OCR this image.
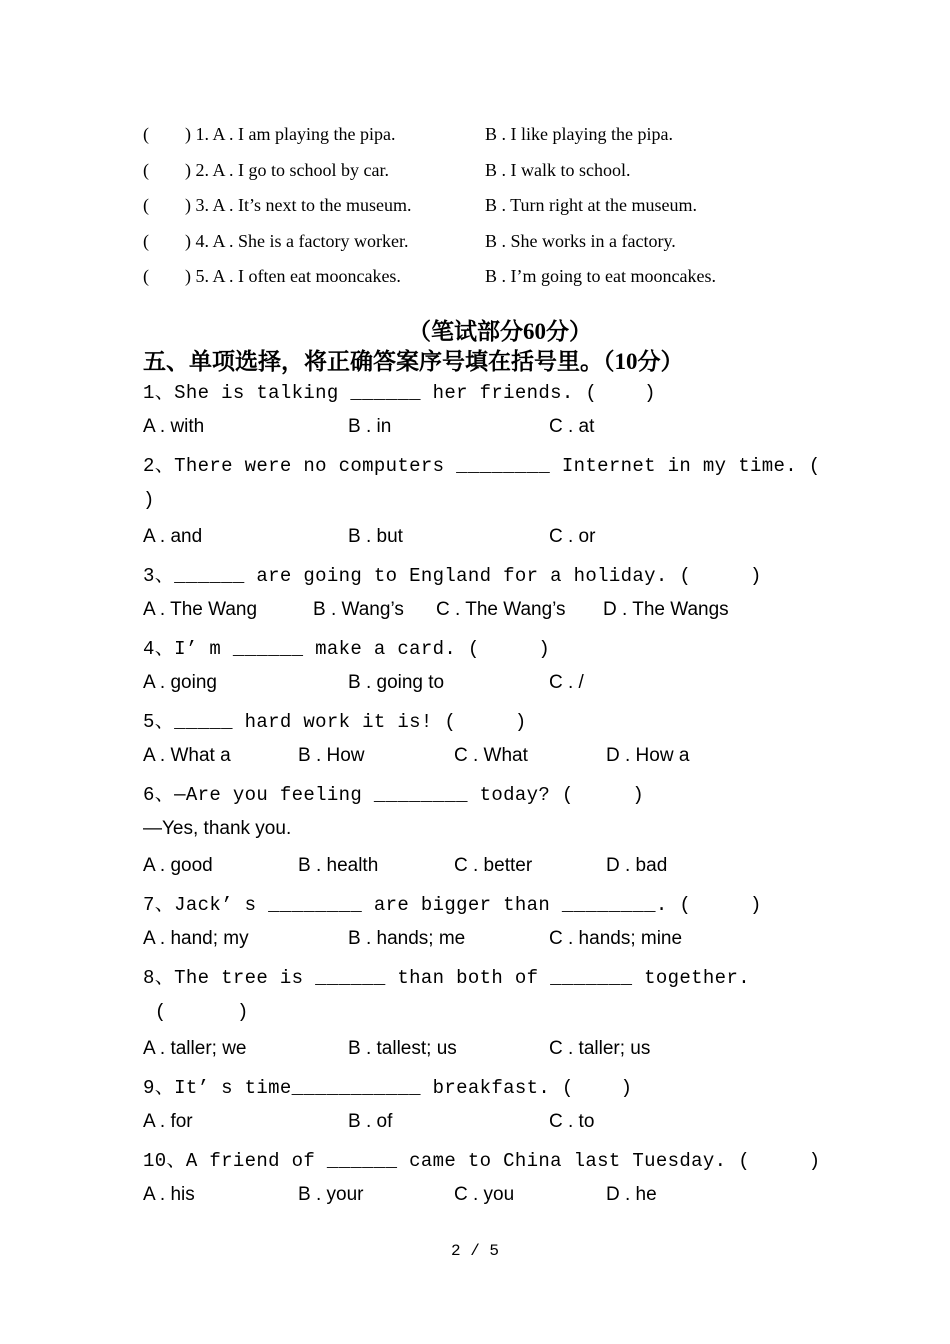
(        ) 1. A . I am playing the pipa.	B . I like playing the pipa.
(        ) 2. A . I go to school by car.	B . I walk to school.
(        ) 3. A . It’s next to the museum.	B . Turn right at the museum.
(        ) 4. A . She is a factory worker.	B . She works in a factory.
(        ) 5. A . I often eat mooncakes.	B . I’m going to eat mooncakes.
（笔试部分60分）
五、单项选择，将正确答案序号填在括号里。（10分）
1、She is talking ______ her friends. (    )
A . with	B . in	C . at
2、There were no computers ________ Internet in my time. (
)
A . and	B . but	C . or
3、______ are going to England for a holiday. (     )
A . The Wang	B . Wang’s	C . The Wang’s	D . The Wangs
4、I’ m ______ make a card. (     )
A . going	B . going to	C . /
5、_____ hard work it is! (     )
A . What a	B . How	C . What	D . How a
6、—Are you feeling ________ today? (     )
—Yes, thank you.
A . good	B . health	C . better	D . bad
7、Jack’ s ________ are bigger than ________. (     )
A . hand; my	B . hands; me	C . hands; mine
8、The tree is ______ than both of _______ together.
(      )
A . taller; we	B . tallest; us	C . taller; us
9、It’ s time___________ breakfast. (    )
A . for	B . of	C . to
10、A friend of ______ came to China last Tuesday. (     )
A . his	B . your	C . you	D . he
2 / 5
